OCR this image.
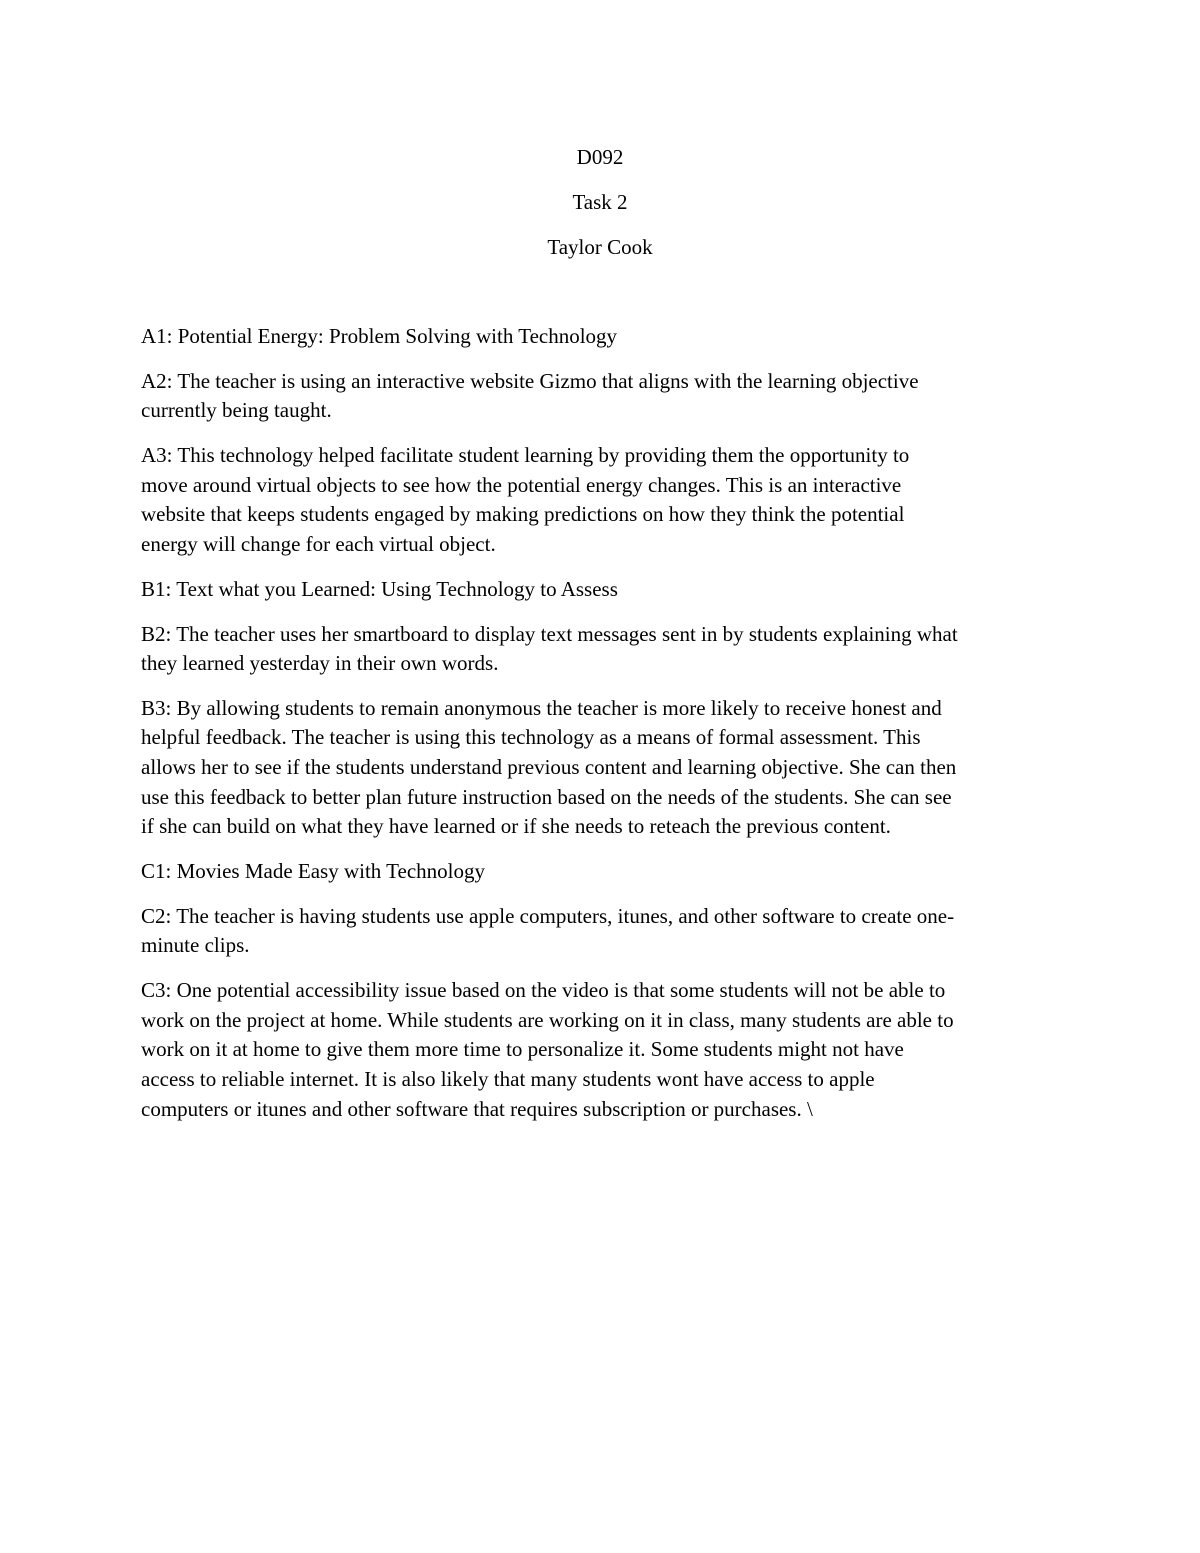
D092

Task 2

Taylor Cook

A1: Potential Energy: Problem Solving with Technology

A2: The teacher is using an interactive website Gizmo that aligns with the learning objective
currently being taught.

A3: This technology helped facilitate student learning by providing them the opportunity to
move around virtual objects to see how the potential energy changes. This is an interactive
website that keeps students engaged by making predictions on how they think the potential
energy will change for each virtual object.

B1: Text what you Learned: Using Technology to Assess

B2: The teacher uses her smartboard to display text messages sent in by students explaining what
they learned yesterday in their own words.

B3: By allowing students to remain anonymous the teacher is more likely to receive honest and
helpful feedback. The teacher is using this technology as a means of formal assessment. This
allows her to see if the students understand previous content and learning objective. She can then
use this feedback to better plan future instruction based on the needs of the students. She can see
if she can build on what they have learned or if she needs to reteach the previous content.

C1: Movies Made Easy with Technology

C2: The teacher is having students use apple computers, itunes, and other software to create one-
minute clips.

C3: One potential accessibility issue based on the video is that some students will not be able to
work on the project at home. While students are working on it in class, many students are able to
work on it at home to give them more time to personalize it. Some students might not have
access to reliable internet. It is also likely that many students wont have access to apple
computers or itunes and other software that requires subscription or purchases. \
